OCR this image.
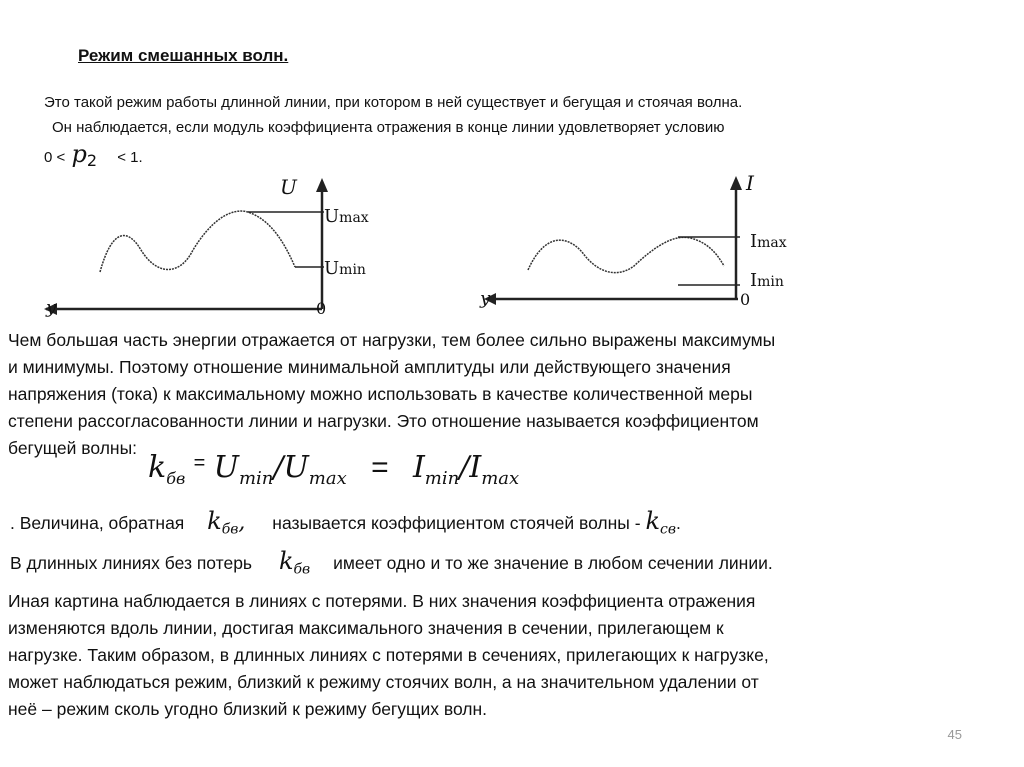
Режим смешанных волн.
Это такой режим работы длинной линии, при котором в ней существует и бегущая и стоячая волна.
Он наблюдается, если модуль коэффициента отражения в конце линии удовлетворяет условию
$0 < p_2 < 1$.
U
Umax
Umin
y	0
I
Imax
Imin
y	0
Чем большая часть энергии отражается от нагрузки, тем более сильно выражены максимумы
и минимумы. Поэтому отношение минимальной амплитуды или действующего значения
напряжения (тока) к максимальному можно использовать в качестве количественной меры
степени рассогласованности линии и нагрузки. Это отношение называется коэффициентом
бегущей волны:
$k_{бв}$ = $U_{min}/U_{max} = I_{min}/I_{max}$
. Величина, обратная $k_{бв}$, называется коэффициентом стоячей волны - $k_{св}$.
В длинных линиях без потерь $k_{бв}$ имеет одно и то же значение в любом сечении линии.
Иная картина наблюдается в линиях с потерями. В них значения коэффициента отражения
изменяются вдоль линии, достигая максимального значения в сечении, прилегающем к
нагрузке. Таким образом, в длинных линиях с потерями в сечениях, прилегающих к нагрузке,
может наблюдаться режим, близкий к режиму стоячих волн, а на значительном удалении от
неё – режим сколь угодно близкий к режиму бегущих волн.
45
